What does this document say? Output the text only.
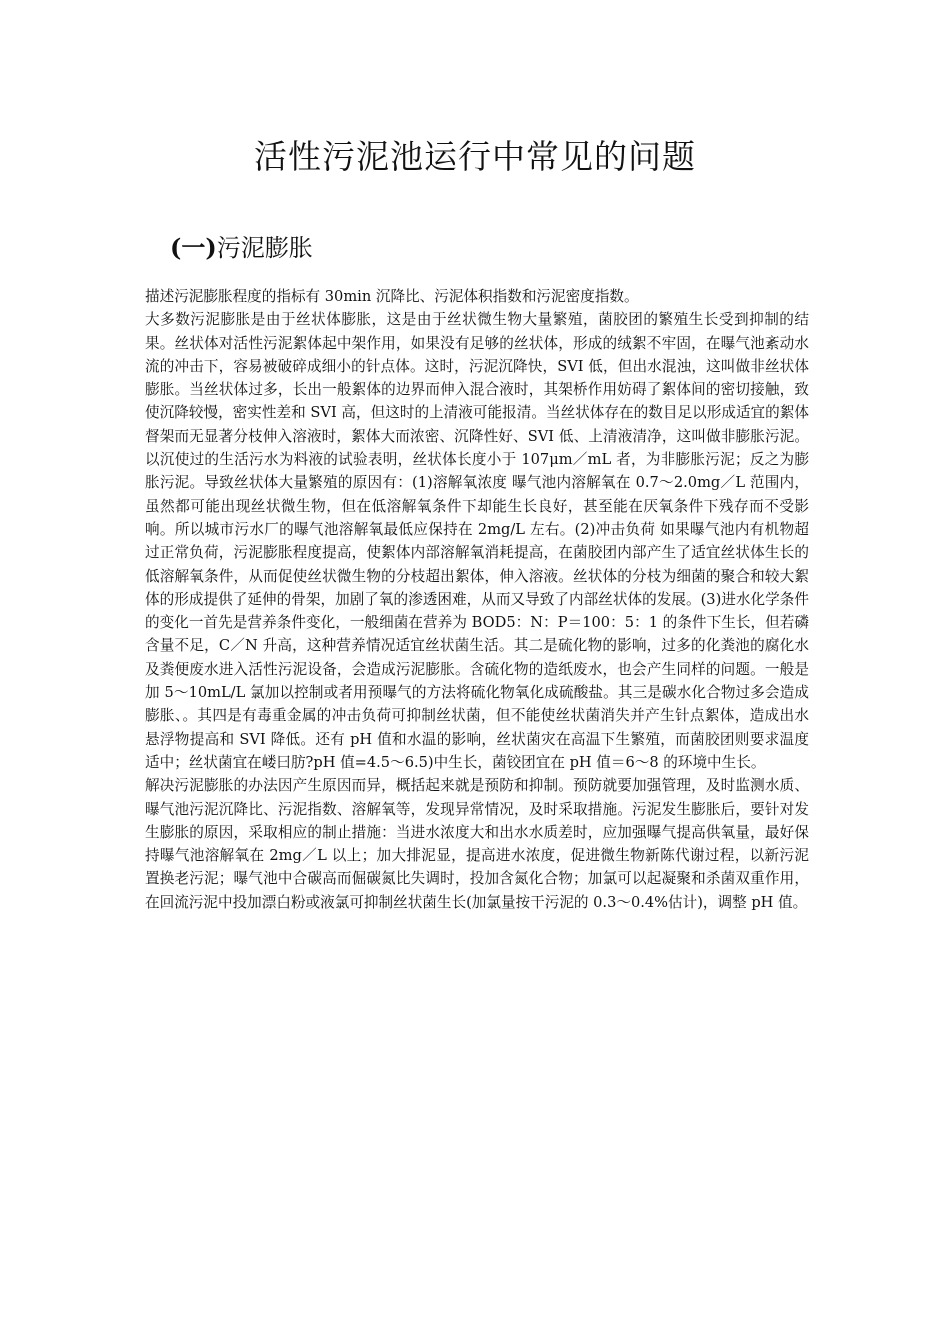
活性污泥池运行中常见的问题
(一)污泥膨胀

描述污泥膨胀程度的指标有 30min 沉降比、污泥体积指数和污泥密度指数。

大多数污泥膨胀是由于丝状体膨胀，这是由于丝状微生物大量繁殖，菌胶团的繁殖生长受到抑制的结果。丝状体对活性污泥絮体起中架作用，如果没有足够的丝状体，形成的绒絮不牢固，在曝气池紊动水流的冲击下，容易被破碎成细小的针点体。这时，污泥沉降快，SVI 低，但出水混浊，这叫做非丝状体膨胀。当丝状体过多，长出一般絮体的边界而伸入混合液时，其架桥作用妨碍了絮体间的密切接触，致使沉降较慢，密实性差和 SVI 高，但这时的上清液可能报清。当丝状体存在的数目足以形成适宜的絮体督架而无显著分枝伸入溶液时，絮体大而浓密、沉降性好、SVI 低、上清液清净，这叫做非膨胀污泥。以沉使过的生活污水为料液的试验表明，丝状体长度小于 107μm／mL 者，为非膨胀污泥；反之为膨胀污泥。导致丝状体大量繁殖的原因有：(1)溶解氧浓度 曝气池内溶解氧在 0.7～2.0mg／L 范围内，虽然都可能出现丝状微生物，但在低溶解氧条件下却能生长良好，甚至能在厌氧条件下残存而不受影响。所以城市污水厂的曝气池溶解氧最低应保持在 2mg/L 左右。(2)冲击负荷 如果曝气池内有机物超过正常负荷，污泥膨胀程度提高，使絮体内部溶解氧消耗提高，在菌胶团内部产生了适宜丝状体生长的低溶解氧条件，从而促使丝状微生物的分枝超出絮体，伸入溶液。丝状体的分枝为细菌的聚合和较大絮体的形成提供了延伸的骨架，加剧了氧的渗透困难，从而又导致了内部丝状体的发展。(3)进水化学条件的变化一首先是营养条件变化，一般细菌在营养为 BOD5：N：P＝100：5：1 的条件下生长，但若磷含量不足，C／N 升高，这种营养情况适宜丝状菌生活。其二是硫化物的影响，过多的化粪池的腐化水及粪便废水进入活性污泥设备，会造成污泥膨胀。含硫化物的造纸废水，也会产生同样的问题。一般是加 5～10mL/L 氯加以控制或者用预曝气的方法将硫化物氧化成硫酸盐。其三是碳水化合物过多会造成膨胀、。其四是有毒重金属的冲击负荷可抑制丝状菌，但不能使丝状菌消失并产生针点絮体，造成出水悬浮物提高和 SVI 降低。还有 pH 值和水温的影响，丝状菌灾在高温下生繁殖，而菌胶团则要求温度适中；丝状菌宜在嵝曰肪?pH 值=4.5～6.5)中生长，菌铰团宜在 pH 值＝6～8 的环境中生长。

解决污泥膨胀的办法因产生原因而异，概括起来就是预防和抑制。预防就要加强管理，及时监测水质、曝气池污泥沉降比、污泥指数、溶解氧等，发现异常情况，及时采取措施。污泥发生膨胀后，要针对发生膨胀的原因，采取相应的制止措施：当进水浓度大和出水水质差时，应加强曝气提高供氧量，最好保持曝气池溶解氧在 2mg／L 以上；加大排泥显，提高进水浓度，促进微生物新陈代谢过程，以新污泥置换老污泥；曝气池中合碳高而倔碳氮比失调时，投加含氮化合物；加氯可以起凝聚和杀菌双重作用，在回流污泥中投加漂白粉或液氯可抑制丝状菌生长(加氯量按干污泥的 0.3～0.4%估计)，调整 pH 值。
